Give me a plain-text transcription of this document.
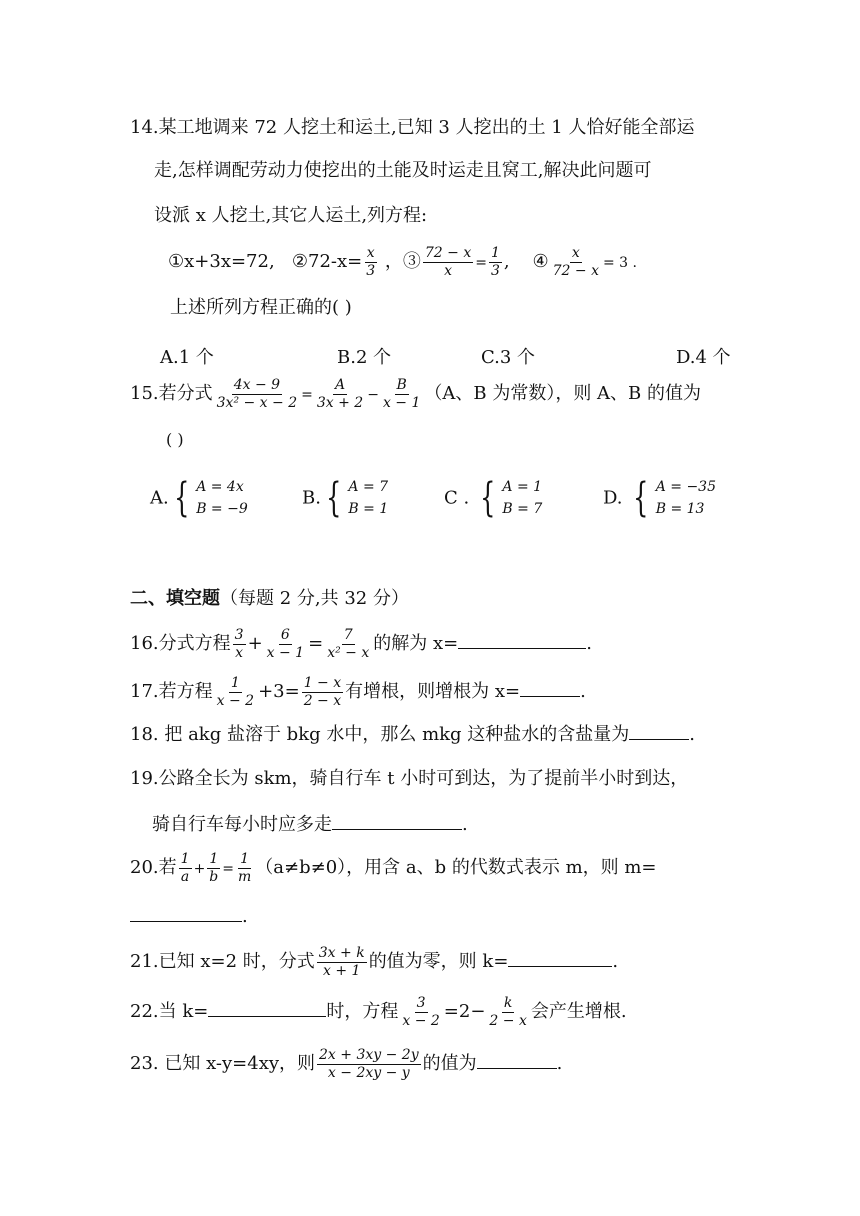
14.某工地调来 72 人挖土和运土,已知 3 人挖出的土 1 人恰好能全部运
走,怎样调配劳动力使挖出的土能及时运走且窝工,解决此问题可
设派 x 人挖土,其它人运土,列方程:
①x+3x=72, ②72-x= $\frac{x}{3}$ ，③ $\frac{72 - x}{x} = \frac{1}{3}$ , ④ $\frac{x}{72 - x} = 3$ .
上述所列方程正确的( )
A.1 个	B.2 个	C.3 个	D.4 个
15.若分式 $\frac{4x - 9}{\text{3x² − x − 2}} = \frac{A}{3x + 2} - \frac{B}{x - 1} (A$、B 为常数），则 A、B 的值为
( )
A. { A = 4x
B = −9
B. { A = 7
B = 1
C . { A = 1
B = 7
D. { A = −35
B = 13
二、填空题（每题 2 分,共 32 分）
16.分式方程 $\frac{3}{x} + \frac{6}{x - 1} = \frac{7}{\text{x² − x}}$ 的解为 x=	.
17.若方程 $\frac{1}{x - 2} +3= \frac{1 - x}{2 - x}$ 有增根，则增根为 x=	.
18. 把 akg 盐溶于 bkg 水中，那么 mkg 这种盐水的含盐量为	.
19.公路全长为 skm，骑自行车 t 小时可到达，为了提前半小时到达，
骑自行车每小时应多走	.
20.若 $\frac{1}{a} + \frac{1}{b} = \frac{1}{m} (a\ne b\ne 0)$，用含 a、b 的代数式表示 m，则 m=
.
21.已知 x=2 时，分式 $\frac{3x + k}{x + 1}$ 的值为零，则 k=	.
22.当 k=	时，方程 $\frac{3}{x - 2} =2- \frac{k}{2 - x}$ 会产生增根.
23. 已知 x-y=4xy，则 $\frac{2x + 3xy - 2y}{x - 2xy - y}$ 的值为	.
